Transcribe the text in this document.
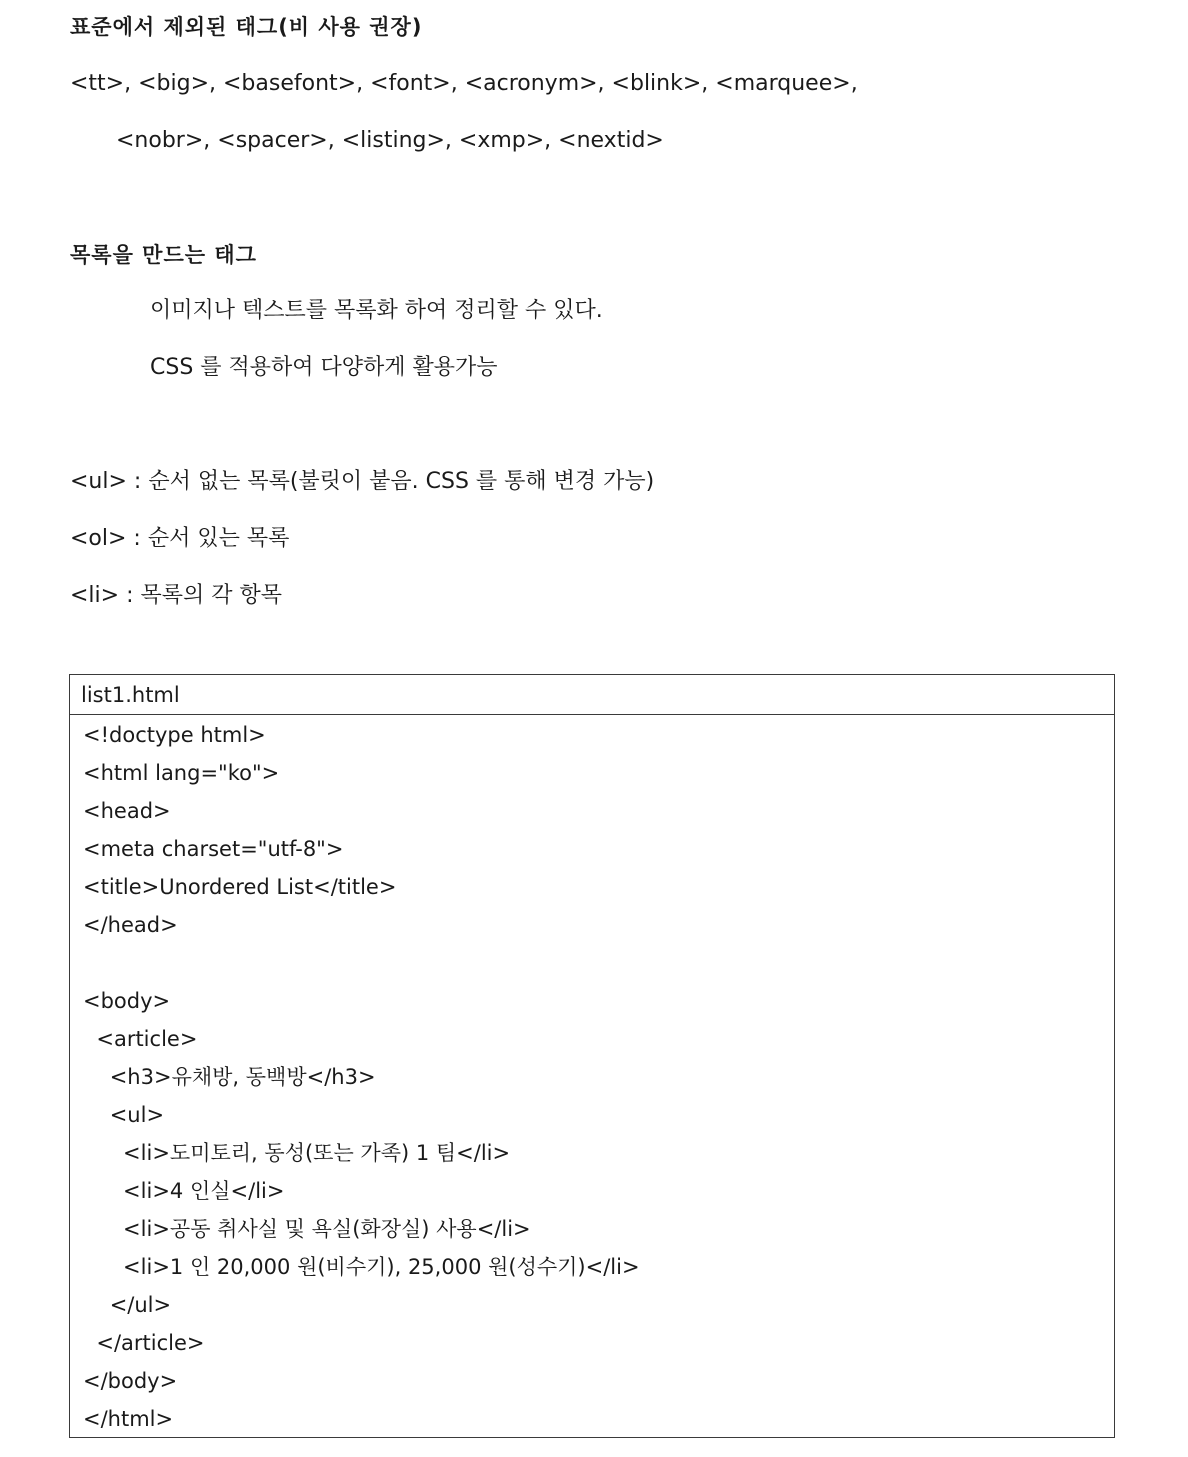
표준에서 제외된 태그(비 사용 권장)
<tt>, <big>, <basefont>, <font>, <acronym>, <blink>, <marquee>,
<nobr>, <spacer>, <listing>, <xmp>, <nextid>
목록을 만드는 태그
이미지나 텍스트를 목록화 하여 정리할 수 있다.
CSS 를 적용하여 다양하게 활용가능
<ul> : 순서 없는 목록(불릿이 붙음. CSS 를 통해 변경 가능)
<ol> : 순서 있는 목록
<li> : 목록의 각 항목
list1.html
<!doctype html>
<html lang="ko">
<head>
<meta charset="utf-8">
<title>Unordered List</title>
</head>
<body>
<article>
<h3>유채방, 동백방</h3>
<ul>
<li>도미토리, 동성(또는 가족) 1 팀</li>
<li>4 인실</li>
<li>공동 취사실 및 욕실(화장실) 사용</li>
<li>1 인 20,000 원(비수기), 25,000 원(성수기)</li>
</ul>
</article>
</body>
</html>
